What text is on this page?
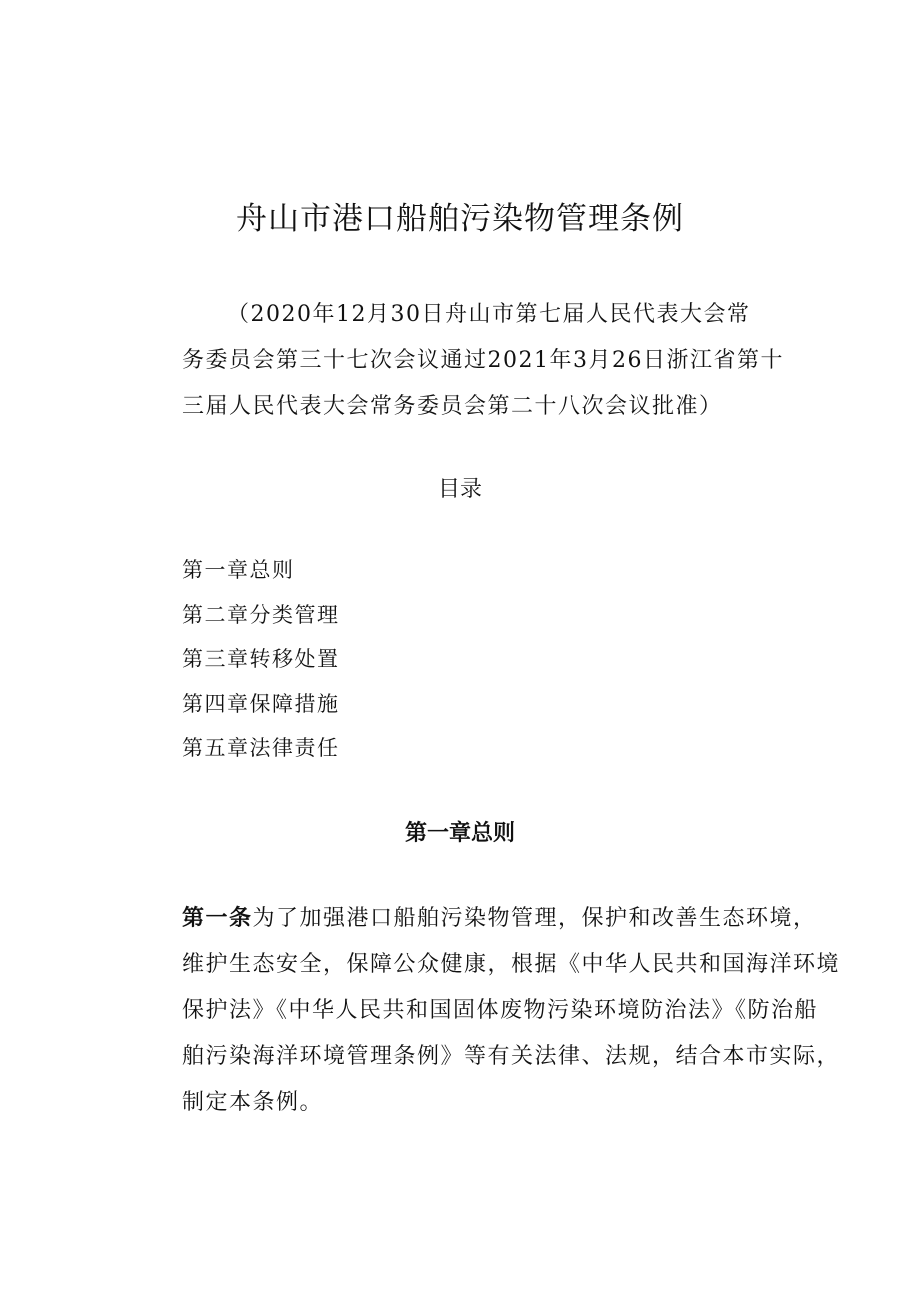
舟山市港口船舶污染物管理条例

（2020年12月30日舟山市第七届人民代表大会常
务委员会第三十七次会议通过2021年3月26日浙江省第十
三届人民代表大会常务委员会第二十八次会议批准）

目录
第一章总则
第二章分类管理
第三章转移处置
第四章保障措施
第五章法律责任
第一章总则

第一条为了加强港口船舶污染物管理，保护和改善生态环境，
维护生态安全，保障公众健康，根据《中华人民共和国海洋环境
保护法》《中华人民共和国固体废物污染环境防治法》《防治船
舶污染海洋环境管理条例》等有关法律、法规，结合本市实际，
制定本条例。
